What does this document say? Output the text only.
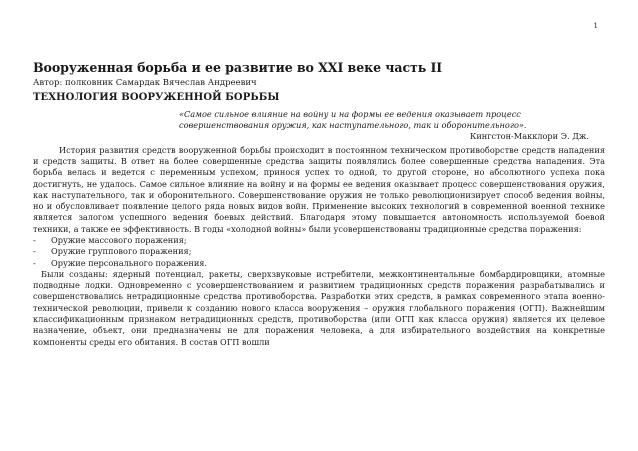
1
Вооруженная борьба и ее развитие во XXI веке часть II
Автор: полковник Самардак Вячеслав Андреевич
ТЕХНОЛОГИЯ ВООРУЖЕННОЙ БОРЬБЫ
«Самое сильное влияние на войну и на формы ее ведения оказывает процесс совершенствования оружия, как наступательного, так и оборонительного».
Кингстон-Макклори Э. Дж.

История развития средств вооруженной борьбы происходит в постоянном техническом противоборстве средств нападения и средств защиты. В ответ на более совершенные средства защиты появлялись более совершенные средства нападения. Эта борьба велась и ведется с переменным успехом, принося успех то одной, то другой стороне, но абсолютного успеха пока достигнуть, не удалось. Самое сильное влияние на войну и на формы ее ведения оказывает процесс совершенствования оружия, как наступательного, так и оборонительного. Совершенствование оружия не только революционизирует способ ведения войны, но и обусловливает появление целого ряда новых видов войн. Применение высоких технологий в современной военной технике является залогом успешного ведения боевых действий. Благодаря этому повышается автономность используемой боевой техники, а также ее эффективность. В годы «холодной войны» были усовершенствованы традиционные средства поражения:

- Оружие массового поражения;
- Оружие группового поражения;
- Оружие персонального поражения.

Были созданы: ядерный потенциал, ракеты, сверхзвуковые истребители, межконтинентальные бомбардировщики, атомные подводные лодки. Одновременно с усовершенствованием и развитием традиционных средств поражения разрабатывались и совершенствовались нетрадиционные средства противоборства. Разработки этих средств, в рамках современного этапа военно-технической революции, привели к созданию нового класса вооружения – оружия глобального поражения (ОГП). Важнейшим классификационным признаком нетрадиционных средств, противоборства (или ОГП как класса оружия) является их целевое назначение, объект, они предназначены не для поражения человека, а для избирательного воздействия на конкретные компоненты среды его обитания. В состав ОГП вошли
